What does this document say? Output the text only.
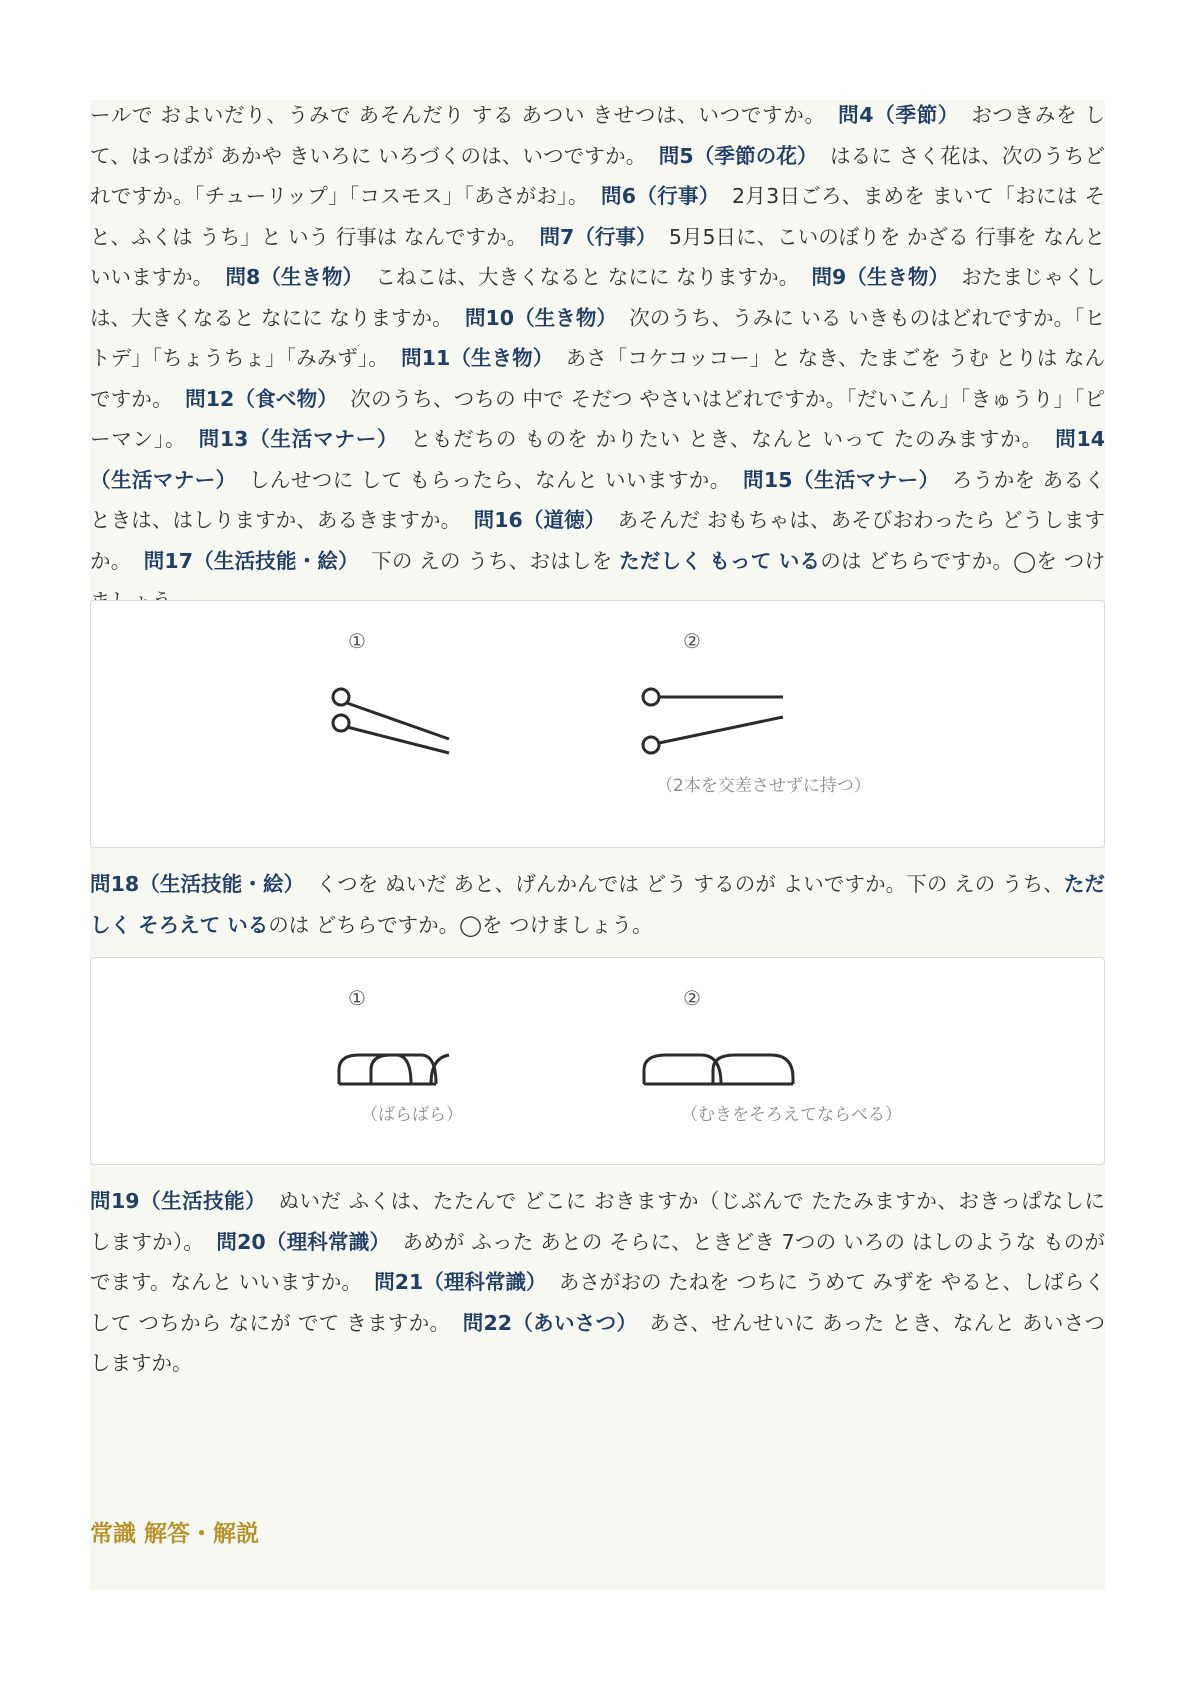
ールで およいだり、うみで あそんだり する あつい きせつは、いつですか。 問4（季節） おつきみを して、はっぱが あかや きいろに いろづくのは、いつですか。 問5（季節の花） はるに さく花は、次のうちどれですか。「チューリップ」「コスモス」「あさがお」。 問6（行事） 2月3日ごろ、まめを まいて「おには そと、ふくは うち」と いう 行事は なんですか。 問7（行事） 5月5日に、こいのぼりを かざる 行事を なんと いいますか。 問8（生き物） こねこは、大きくなると なにに なりますか。 問9（生き物） おたまじゃくしは、大きくなると なにに なりますか。 問10（生き物） 次のうち、うみに いる いきものはどれですか。「ヒトデ」「ちょうちょ」「みみず」。 問11（生き物） あさ「コケコッコー」と なき、たまごを うむ とりは なんですか。 問12（食べ物） 次のうち、つちの 中で そだつ やさいはどれですか。「だいこん」「きゅうり」「ピーマン」。 問13（生活マナー） ともだちの ものを かりたい とき、なんと いって たのみますか。 問14（生活マナー） しんせつに して もらったら、なんと いいますか。 問15（生活マナー） ろうかを あるく ときは、はしりますか、あるきますか。 問16（道徳） あそんだ おもちゃは、あそびおわったら どうしますか。 問17（生活技能・絵） 下の えの うち、おはしを ただしく もって いるのは どちらですか。◯を つけ

①	②
（2本を交差させずに持つ）

問18（生活技能・絵） くつを ぬいだ あと、げんかんでは どう するのが よいですか。下の えの うち、ただしく そろえて いるのは どちらですか。◯を つけましょう。

①	②
（ばらばら）	（むきをそろえてならべる）

問19（生活技能） ぬいだ ふくは、たたんで どこに おきますか（じぶんで たたみますか、おきっぱなしに しますか）。 問20（理科常識） あめが ふった あとの そらに、ときどき 7つの いろの はしのような ものが でます。なんと いいますか。 問21（理科常識） あさがおの たねを つちに うめて みずを やると、しばらくして つちから なにが でて きますか。 問22（あいさつ） あさ、せんせいに あった とき、なんと あいさつ しますか。

常識 解答・解説
